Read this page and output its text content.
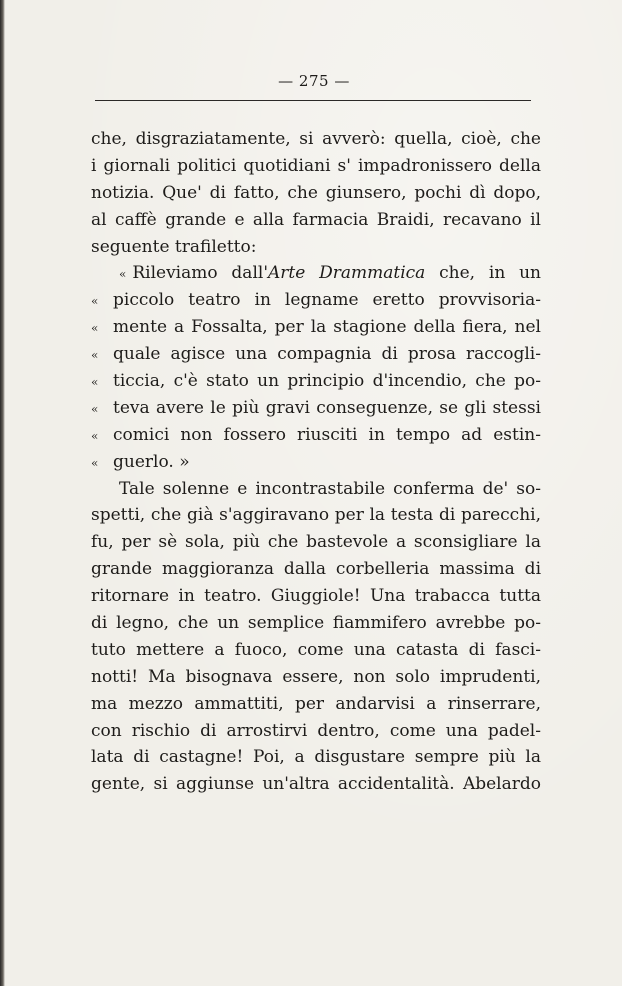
— 275 —
che, disgraziatamente, si avverò: quella, cioè, che
i giornali politici quotidiani s' impadronissero della
notizia. Que' di fatto, che giunsero, pochi dì dopo,
al caffè grande e alla farmacia Braidi, recavano il
seguente trafiletto:
« Rileviamo dall'Arte Drammatica che, in un
« piccolo teatro in legname eretto provvisoria-
« mente a Fossalta, per la stagione della fiera, nel
« quale agisce una compagnia di prosa raccogli-
« ticcia, c'è stato un principio d'incendio, che po-
« teva avere le più gravi conseguenze, se gli stessi
« comici non fossero riusciti in tempo ad estin-
« guerlo. »
Tale solenne e incontrastabile conferma de' so-
spetti, che già s'aggiravano per la testa di parecchi,
fu, per sè sola, più che bastevole a sconsigliare la
grande maggioranza dalla corbelleria massima di
ritornare in teatro. Giuggiole! Una trabacca tutta
di legno, che un semplice fiammifero avrebbe po-
tuto mettere a fuoco, come una catasta di fasci-
notti! Ma bisognava essere, non solo imprudenti,
ma mezzo ammattiti, per andarvisi a rinserrare,
con rischio di arrostirvi dentro, come una padel-
lata di castagne! Poi, a disgustare sempre più la
gente, si aggiunse un'altra accidentalità. Abelardo
